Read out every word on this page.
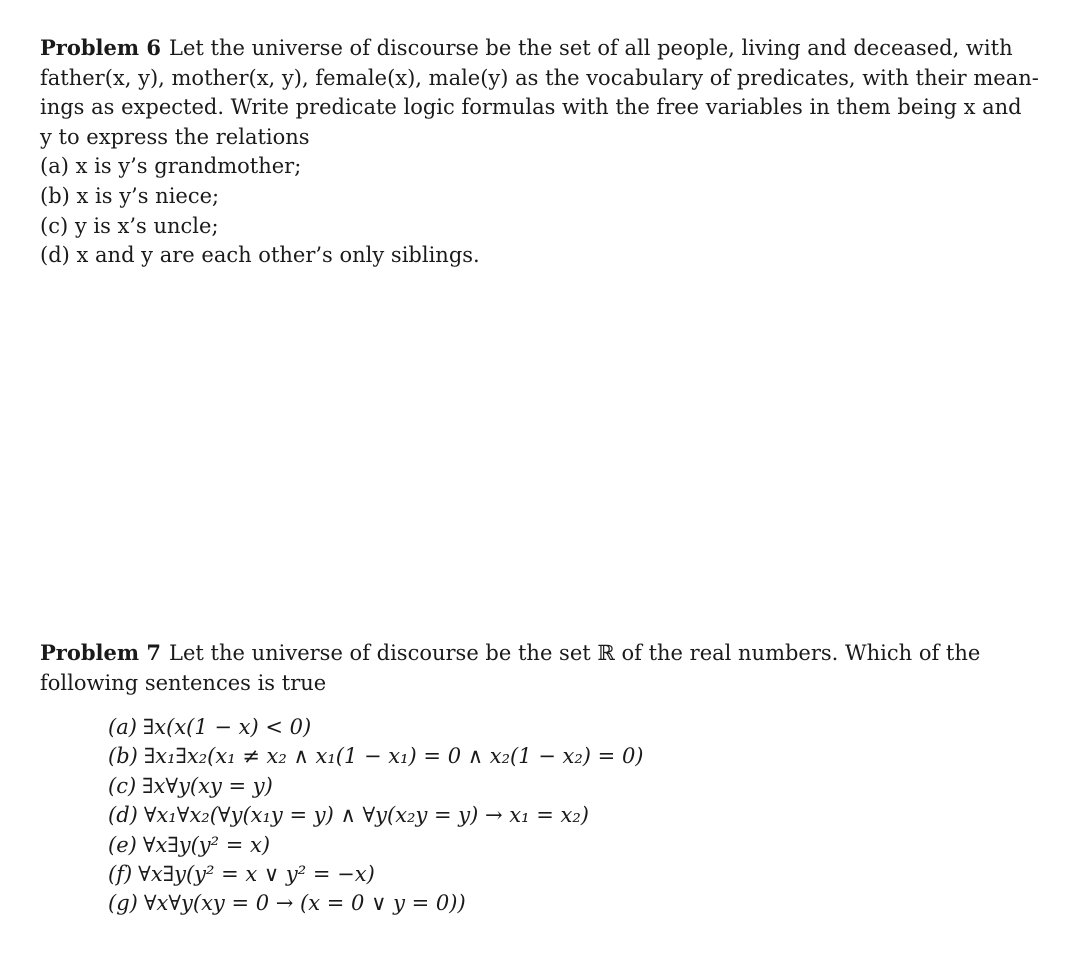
Problem 6 Let the universe of discourse be the set of all people, living and deceased, with
father(x, y), mother(x, y), female(x), male(y) as the vocabulary of predicates, with their mean-
ings as expected. Write predicate logic formulas with the free variables in them being x and
y to express the relations
(a) x is y’s grandmother;
(b) x is y’s niece;
(c) y is x’s uncle;
(d) x and y are each other’s only siblings.
Problem 7 Let the universe of discourse be the set ℝ of the real numbers. Which of the
following sentences is true
(a) ∃x(x(1 − x) < 0)
(b) ∃x₁∃x₂(x₁ ≠ x₂ ∧ x₁(1 − x₁) = 0 ∧ x₂(1 − x₂) = 0)
(c) ∃x∀y(xy = y)
(d) ∀x₁∀x₂(∀y(x₁y = y) ∧ ∀y(x₂y = y) → x₁ = x₂)
(e) ∀x∃y(y² = x)
(f) ∀x∃y(y² = x ∨ y² = −x)
(g) ∀x∀y(xy = 0 → (x = 0 ∨ y = 0))
